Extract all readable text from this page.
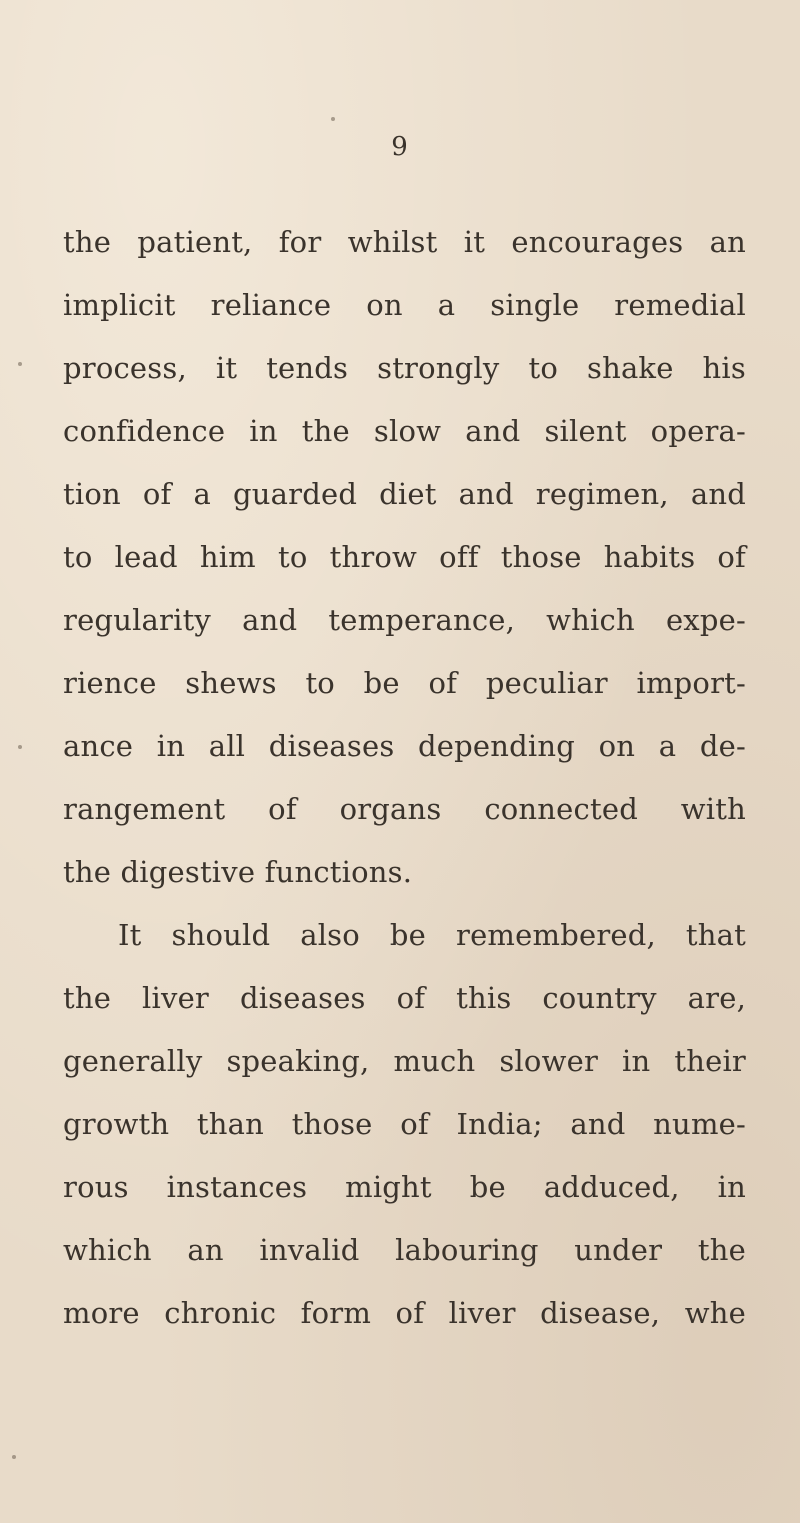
9
the patient, for whilst it encourages an
implicit reliance on a single remedial
process, it tends strongly to shake his
confidence in the slow and silent opera-
tion of a guarded diet and regimen, and
to lead him to throw off those habits of
regularity and temperance, which expe-
rience shews to be of peculiar import-
ance in all diseases depending on a de-
rangement of organs connected with
the digestive functions.
It should also be remembered, that
the liver diseases of this country are,
generally speaking, much slower in their
growth than those of India; and nume-
rous instances might be adduced, in
which an invalid labouring under the
more chronic form of liver disease, whe
